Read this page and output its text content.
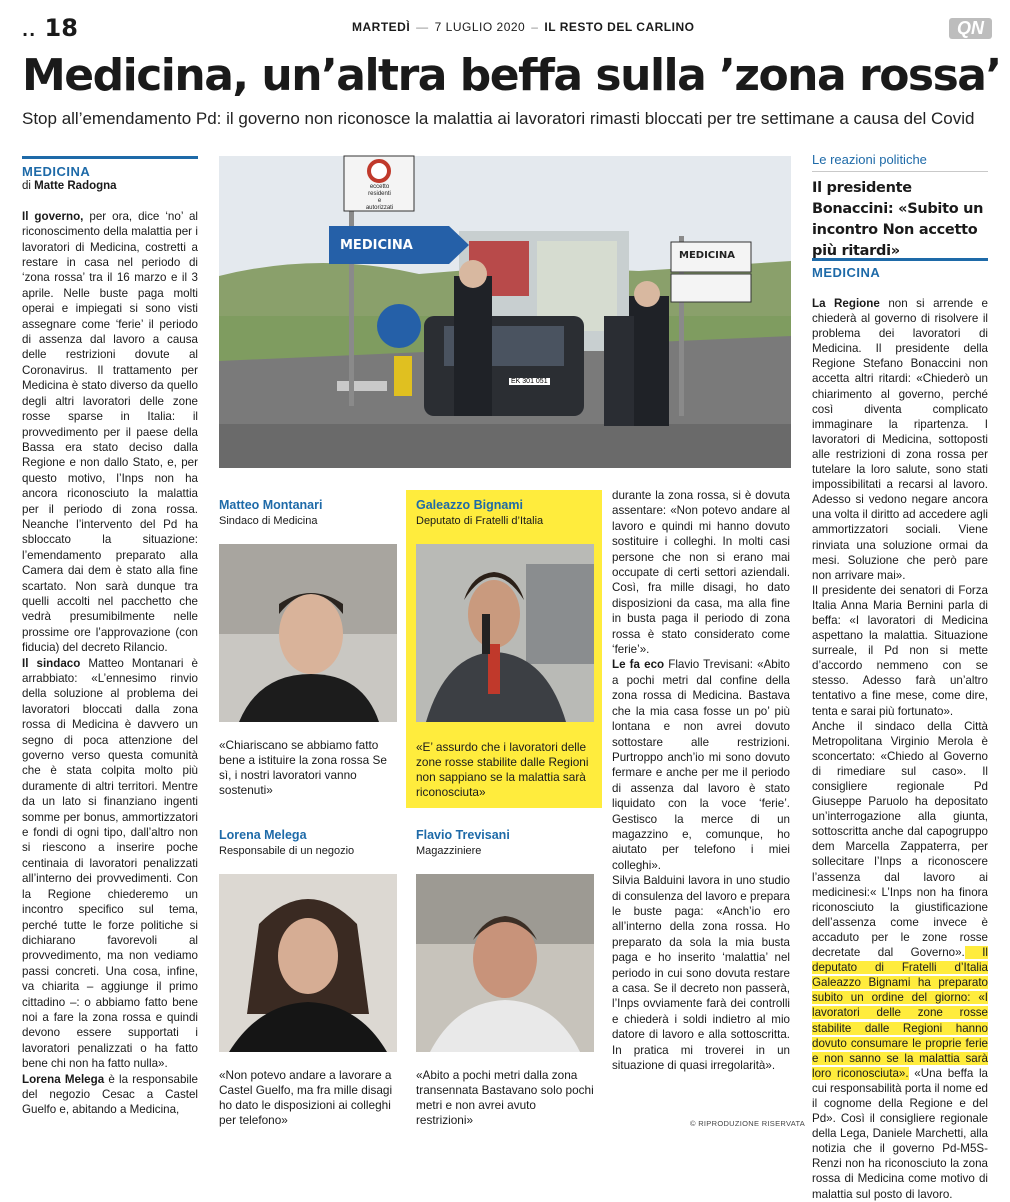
.. 18	MARTEDÌ — 7 LUGLIO 2020 – IL RESTO DEL CARLINO	QN
Medicina, un’altra beffa sulla ’zona rossa’
Stop all’emendamento Pd: il governo non riconosce la malattia ai lavoratori rimasti bloccati per tre settimane a causa del Covid
MEDICINA
di Matte Radogna

Il governo, per ora, dice ‘no’ al riconoscimento della malattia per i lavoratori di Medicina, costretti a restare in casa nel periodo di ‘zona rossa’ tra il 16 marzo e il 3 aprile. Nelle buste paga molti operai e impiegati si sono visti assegnare come ‘ferie’ il periodo di assenza dal lavoro a causa delle restrizioni dovute al Coronavirus. Il trattamento per Medicina è stato diverso da quello degli altri lavoratori delle zone rosse sparse in Italia: il provvedimento per il paese della Bassa era stato deciso dalla Regione e non dallo Stato, e, per questo motivo, l’Inps non ha ancora riconosciuto la malattia per il periodo di zona rossa. Neanche l’intervento del Pd ha sbloccato la situazione: l’emendamento preparato alla Camera dai dem è stato alla fine scartato. Non sarà dunque tra quelli accolti nel pacchetto che vedrà presumibilmente nelle prossime ore l’approvazione (con fiducia) del decreto Rilancio.

Il sindaco Matteo Montanari è arrabbiato: «L’ennesimo rinvio della soluzione al problema dei lavoratori bloccati dalla zona rossa di Medicina è davvero un segno di poca attenzione del governo verso questa comunità che è stata colpita molto più duramente di altri territori. Mentre da un lato si finanziano ingenti somme per bonus, ammortizzatori e fondi di ogni tipo, dall’altro non si riescono a inserire poche centinaia di lavoratori penalizzati all’interno dei provvedimenti. Con la Regione chiederemo un incontro specifico sul tema, perché tutte le forze politiche si dichiarano favorevoli al provvedimento, ma non vediamo passi concreti. Una cosa, infine, va chiarita – aggiunge il primo cittadino –: o abbiamo fatto bene noi a fare la zona rossa e quindi devono essere supportati i lavoratori penalizzati o ha fatto bene chi non ha fatto nulla».

Lorena Melega è la responsabile del negozio Cesac a Castel Guelfo e, abitando a Medicina,

MEDICINA
MEDICINA
eccetto
residenti
e
autorizzati
EK 301 051
Matteo Montanari
Sindaco di Medicina
«Chiariscano se abbiamo fatto bene a istituire la zona rossa Se sì, i nostri lavoratori vanno sostenuti»
Galeazzo Bignami
Deputato di Fratelli d’Italia
«E’ assurdo che i lavoratori delle zone rosse stabilite dalle Regioni non sappiano se la malattia sarà riconosciuta»
Lorena Melega
Responsabile di un negozio
«Non potevo andare a lavorare a Castel Guelfo, ma fra mille disagi ho dato le disposizioni ai colleghi per telefono»
Flavio Trevisani
Magazziniere
«Abito a pochi metri dalla zona transennata Bastavano solo pochi metri e non avrei avuto restrizioni»

durante la zona rossa, si è dovuta assentare: «Non potevo andare al lavoro e quindi mi hanno dovuto sostituire i colleghi. In molti casi persone che non si erano mai occupate di certi settori aziendali. Così, fra mille disagi, ho dato disposizioni da casa, ma alla fine in busta paga il periodo di zona rossa è stato considerato come ‘ferie’».

Le fa eco Flavio Trevisani: «Abito a pochi metri dal confine della zona rossa di Medicina. Bastava che la mia casa fosse un po’ più lontana e non avrei dovuto sottostare alle restrizioni. Purtroppo anch’io mi sono dovuto fermare e anche per me il periodo di assenza dal lavoro è stato liquidato con la voce ‘ferie’. Gestisco la merce di un magazzino e, comunque, ho aiutato per telefono i miei colleghi».

Silvia Balduini lavora in uno studio di consulenza del lavoro e prepara le buste paga: «Anch’io ero all’interno della zona rossa. Ho preparato da sola la mia busta paga e ho inserito ‘malattia’ nel periodo in cui sono dovuta restare a casa. Se il decreto non passerà, l’Inps ovviamente farà dei controlli e chiederà i soldi indietro al mio datore di lavoro e alla sottoscritta. In pratica mi troverei in un situazione di quasi irregolarità».

© RIPRODUZIONE RISERVATA
Le reazioni politiche
Il presidente Bonaccini: «Subito un incontro Non accetto più ritardi»
MEDICINA

La Regione non si arrende e chiederà al governo di risolvere il problema dei lavoratori di Medicina. Il presidente della Regione Stefano Bonaccini non accetta altri ritardi: «Chiederò un chiarimento al governo, perché così diventa complicato immaginare la ripartenza. I lavoratori di Medicina, sottoposti alle restrizioni di zona rossa per tutelare la loro salute, sono stati impossibilitati a recarsi al lavoro. Adesso si vedono negare ancora una volta il diritto ad accedere agli ammortizzatori sociali. Viene rinviata una soluzione ormai da mesi. Soluzione che però pare non arrivare mai».

Il presidente dei senatori di Forza Italia Anna Maria Bernini parla di beffa: «I lavoratori di Medicina aspettano la malattia. Situazione surreale, il Pd non si mette d’accordo nemmeno con se stesso. Adesso farà un’altro tentativo a fine mese, come dire, tenta e sarai più fortunato».

Anche il sindaco della Città Metropolitana Virginio Merola è sconcertato: «Chiedo al Governo di rimediare sul caso». Il consigliere regionale Pd Giuseppe Paruolo ha depositato un’interrogazione alla giunta, sottoscritta anche dal capogruppo dem Marcella Zappaterra, per sollecitare l’Inps a riconoscere l’assenza dal lavoro ai medicinesi:« L’Inps non ha finora riconosciuto la giustificazione dell’assenza come invece è accaduto per le zone rosse decretate dal Governo». Il deputato di Fratelli d’Italia Galeazzo Bignami ha preparato subito un ordine del giorno: «I lavoratori delle zone rosse stabilite dalle Regioni hanno dovuto consumare le proprie ferie e non sanno se la malattia sarà loro riconosciuta». «Una beffa la cui responsabilità porta il nome ed il cognome della Regione e del Pd». Così il consigliere regionale della Lega, Daniele Marchetti, alla notizia che il governo Pd-M5S-Renzi non ha riconosciuto la zona rossa di Medicina come motivo di malattia sul posto di lavoro.
